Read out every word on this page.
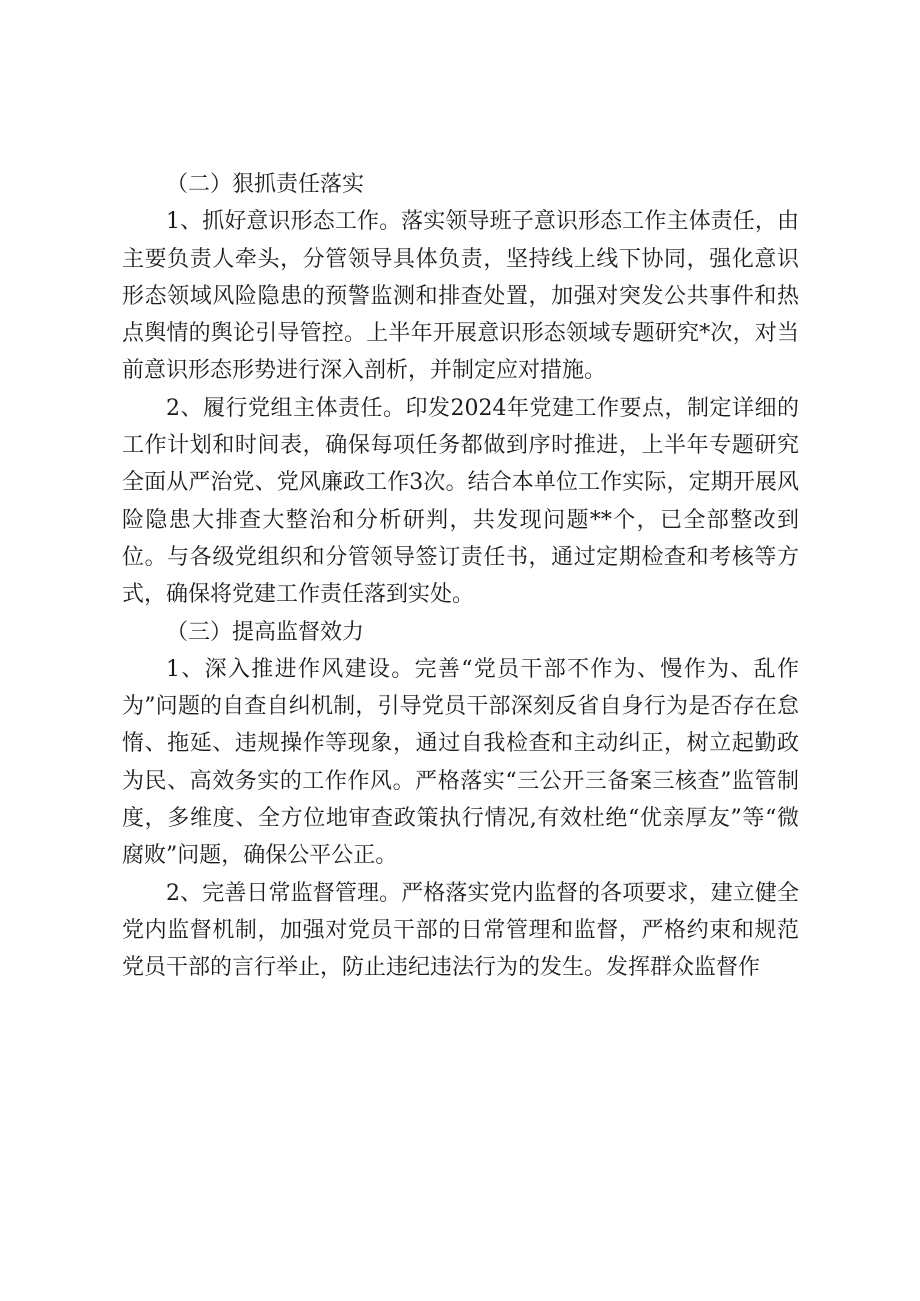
（二）狠抓责任落实

1、抓好意识形态工作。落实领导班子意识形态工作主体责任，由主要负责人牵头，分管领导具体负责，坚持线上线下协同，强化意识形态领域风险隐患的预警监测和排查处置，加强对突发公共事件和热点舆情的舆论引导管控。上半年开展意识形态领域专题研究*次，对当前意识形态形势进行深入剖析，并制定应对措施。

2、履行党组主体责任。印发2024年党建工作要点，制定详细的工作计划和时间表，确保每项任务都做到序时推进，上半年专题研究全面从严治党、党风廉政工作3次。结合本单位工作实际，定期开展风险隐患大排查大整治和分析研判，共发现问题**个，已全部整改到位。与各级党组织和分管领导签订责任书，通过定期检查和考核等方式，确保将党建工作责任落到实处。

（三）提高监督效力

1、深入推进作风建设。完善“党员干部不作为、慢作为、乱作为”问题的自查自纠机制，引导党员干部深刻反省自身行为是否存在怠惰、拖延、违规操作等现象，通过自我检查和主动纠正，树立起勤政为民、高效务实的工作作风。严格落实“三公开三备案三核查”监管制度，多维度、全方位地审查政策执行情况,有效杜绝“优亲厚友”等“微腐败”问题，确保公平公正。

2、完善日常监督管理。严格落实党内监督的各项要求，建立健全党内监督机制，加强对党员干部的日常管理和监督，严格约束和规范党员干部的言行举止，防止违纪违法行为的发生。发挥群众监督作
